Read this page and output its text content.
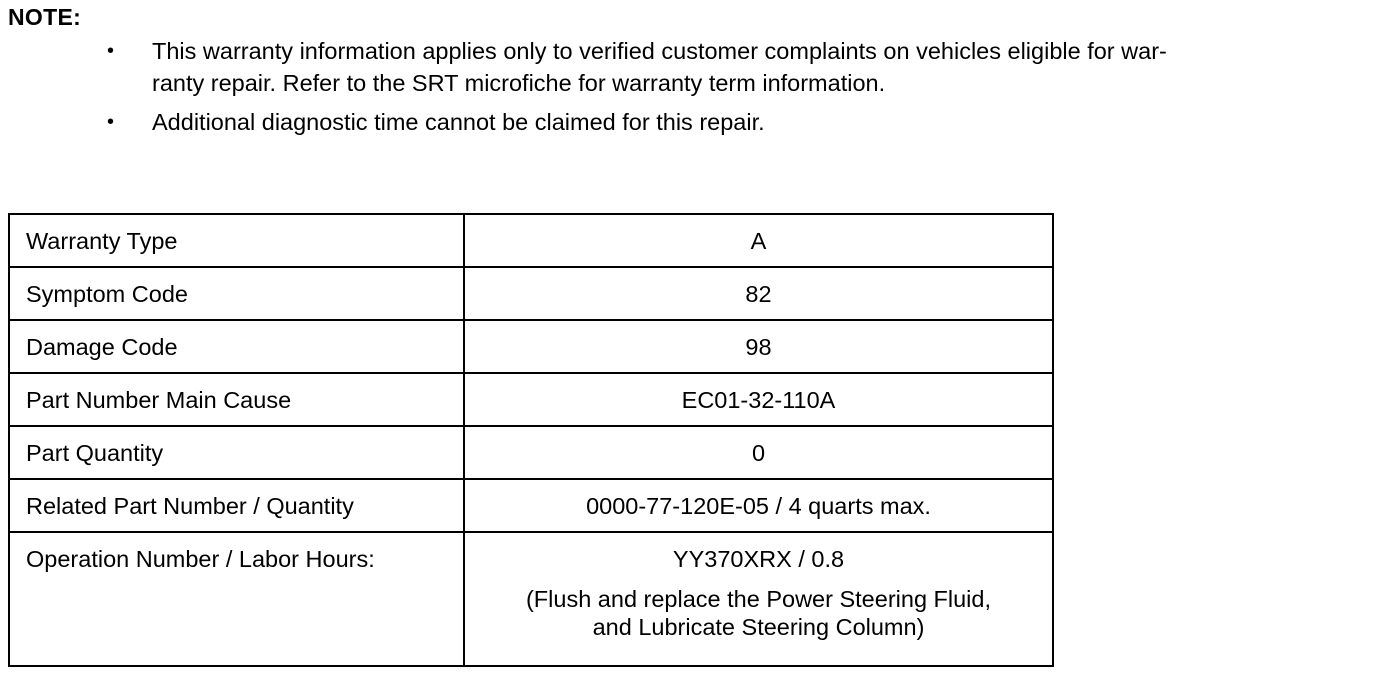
NOTE:
• This warranty information applies only to verified customer complaints on vehicles eligible for war-
ranty repair. Refer to the SRT microfiche for warranty term information.
• Additional diagnostic time cannot be claimed for this repair.
Warranty Type	A
Symptom Code	82
Damage Code	98
Part Number Main Cause	EC01-32-110A
Part Quantity	0
Related Part Number / Quantity	0000-77-120E-05 / 4 quarts max.
Operation Number / Labor Hours:	YY370XRX / 0.8
(Flush and replace the Power Steering Fluid,
and Lubricate Steering Column)
